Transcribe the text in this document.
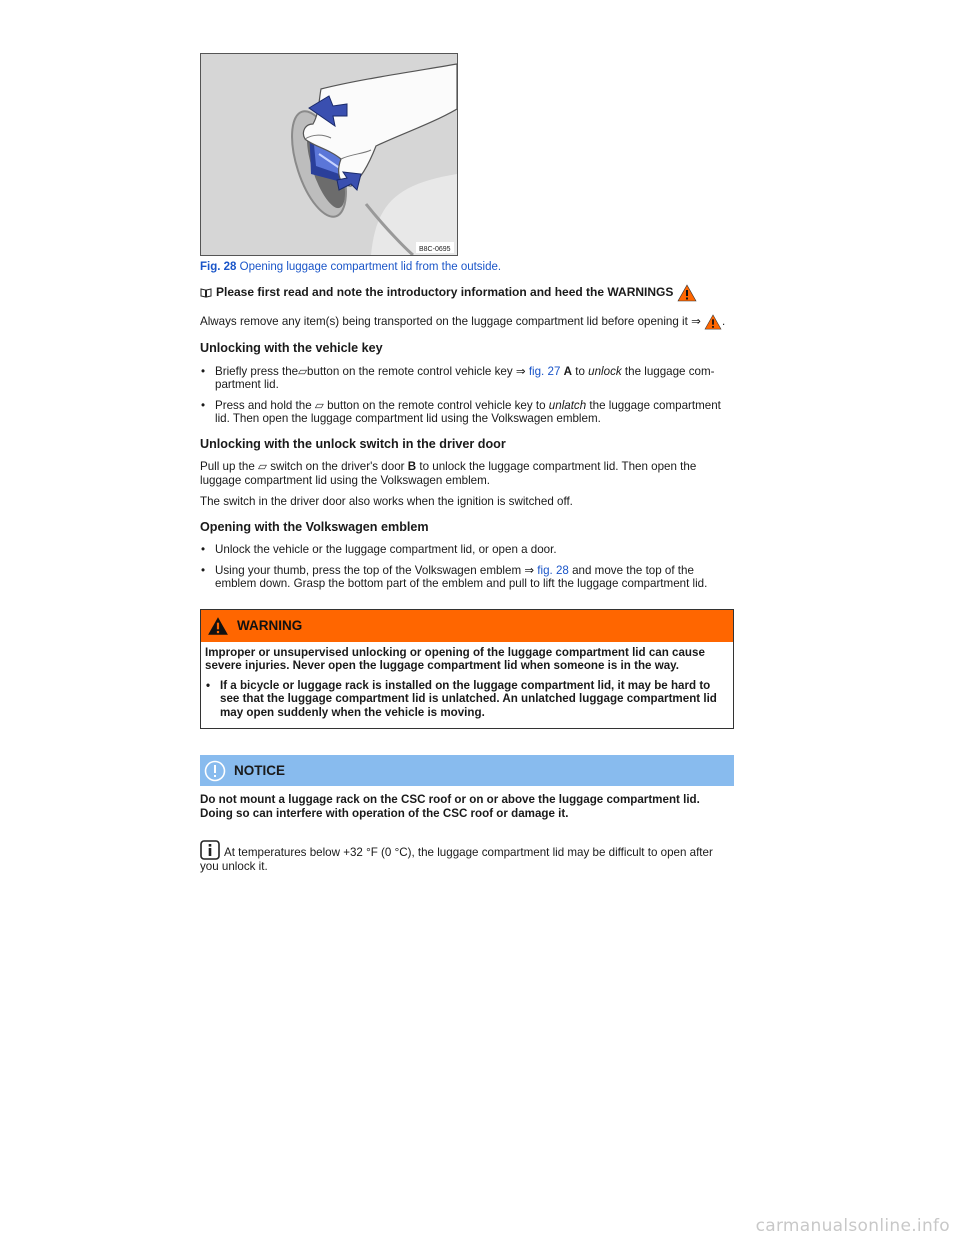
B8C-0695
Fig. 28 Opening luggage compartment lid from the outside.
Please first read and note the introductory information and heed the WARNINGS

Always remove any item(s) being transported on the luggage compartment lid before opening it ⇒ .

Unlocking with the vehicle key
• Briefly press the⏥button on the remote control vehicle key ⇒ fig. 27 A to unlock the luggage com-partment lid.
• Press and hold the ⏥ button on the remote control vehicle key to unlatch the luggage compartment lid. Then open the luggage compartment lid using the Volkswagen emblem.
Unlocking with the unlock switch in the driver door

Pull up the ⏥ switch on the driver's door B to unlock the luggage compartment lid. Then open the luggage compartment lid using the Volkswagen emblem.

The switch in the driver door also works when the ignition is switched off.

Opening with the Volkswagen emblem
• Unlock the vehicle or the luggage compartment lid, or open a door.
• Using your thumb, press the top of the Volkswagen emblem ⇒ fig. 28 and move the top of the emblem down. Grasp the bottom part of the emblem and pull to lift the luggage compartment lid.
WARNING

Improper or unsupervised unlocking or opening of the luggage compartment lid can cause severe injuries. Never open the luggage compartment lid when someone is in the way.

• If a bicycle or luggage rack is installed on the luggage compartment lid, it may be hard to see that the luggage compartment lid is unlatched. An unlatched luggage compartment lid may open suddenly when the vehicle is moving.
NOTICE

Do not mount a luggage rack on the CSC roof or on or above the luggage compartment lid. Doing so can interfere with operation of the CSC roof or damage it.

At temperatures below +32 °F (0 °C), the luggage compartment lid may be difficult to open after you unlock it.

carmanualsonline.info
